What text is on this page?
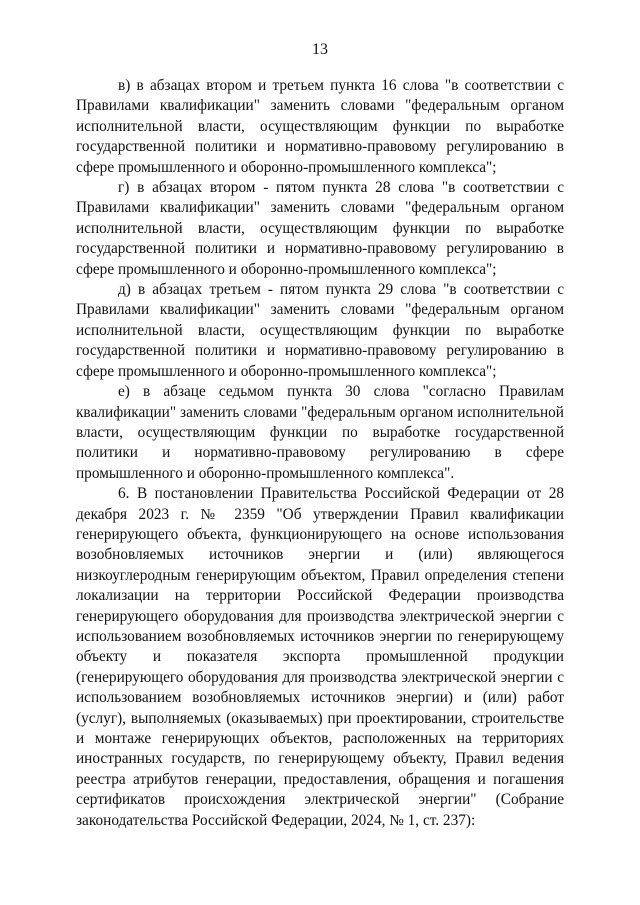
13

в) в абзацах втором и третьем пункта 16 слова "в соответствии с Правилами квалификации" заменить словами "федеральным органом исполнительной власти, осуществляющим функции по выработке государственной политики и нормативно-правовому регулированию в сфере промышленного и оборонно-промышленного комплекса";

г) в абзацах втором - пятом пункта 28 слова "в соответствии с Правилами квалификации" заменить словами "федеральным органом исполнительной власти, осуществляющим функции по выработке государственной политики и нормативно-правовому регулированию в сфере промышленного и оборонно-промышленного комплекса";

д) в абзацах третьем - пятом пункта 29 слова "в соответствии с Правилами квалификации" заменить словами "федеральным органом исполнительной власти, осуществляющим функции по выработке государственной политики и нормативно-правовому регулированию в сфере промышленного и оборонно-промышленного комплекса";

е) в абзаце седьмом пункта 30 слова "согласно Правилам квалификации" заменить словами "федеральным органом исполнительной власти, осуществляющим функции по выработке государственной политики и нормативно-правовому регулированию в сфере промышленного и оборонно-промышленного комплекса".

6. В постановлении Правительства Российской Федерации от 28 декабря 2023 г. № 2359 "Об утверждении Правил квалификации генерирующего объекта, функционирующего на основе использования возобновляемых источников энергии и (или) являющегося низкоуглеродным генерирующим объектом, Правил определения степени локализации на территории Российской Федерации производства генерирующего оборудования для производства электрической энергии с использованием возобновляемых источников энергии по генерирующему объекту и показателя экспорта промышленной продукции (генерирующего оборудования для производства электрической энергии с использованием возобновляемых источников энергии) и (или) работ (услуг), выполняемых (оказываемых) при проектировании, строительстве и монтаже генерирующих объектов, расположенных на территориях иностранных государств, по генерирующему объекту, Правил ведения реестра атрибутов генерации, предоставления, обращения и погашения сертификатов происхождения электрической энергии" (Собрание законодательства Российской Федерации, 2024, № 1, ст. 237):
